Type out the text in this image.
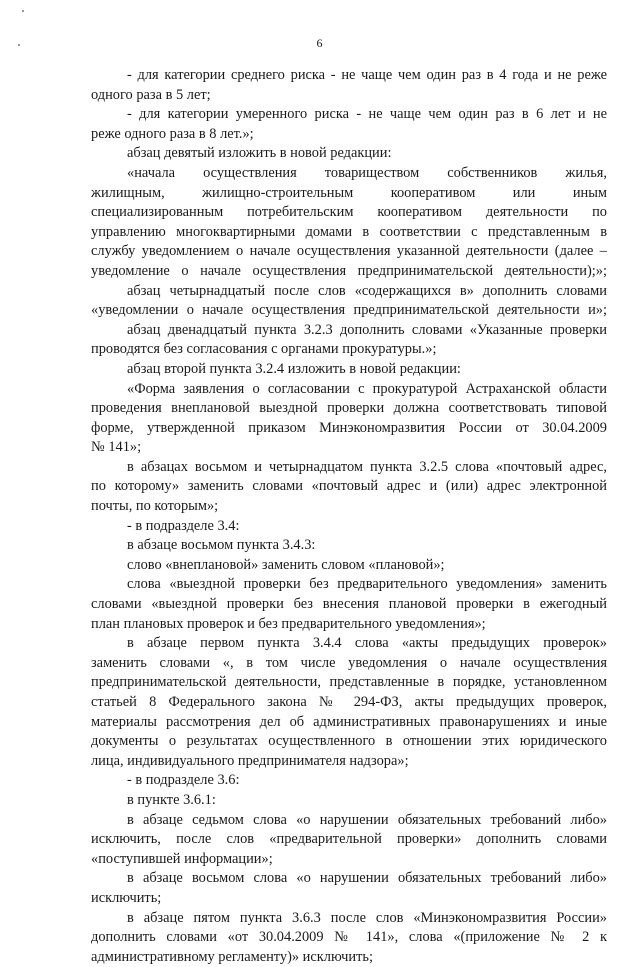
6
- для категории среднего риска - не чаще чем один раз в 4 года и не реже
одного раза в 5 лет;
- для категории умеренного риска - не чаще чем один раз в 6 лет и не
реже одного раза в 8 лет.»;
абзац девятый изложить в новой редакции:
«начала осуществления товариществом собственников жилья,
жилищным, жилищно-строительным кооперативом или иным
специализированным потребительским кооперативом деятельности по
управлению многоквартирными домами в соответствии с представленным в
службу уведомлением о начале осуществления указанной деятельности (далее –
уведомление о начале осуществления предпринимательской деятельности);»;
абзац четырнадцатый после слов «содержащихся в» дополнить словами
«уведомлении о начале осуществления предпринимательской деятельности и»;
абзац двенадцатый пункта 3.2.3 дополнить словами «Указанные проверки
проводятся без согласования с органами прокуратуры.»;
абзац второй пункта 3.2.4 изложить в новой редакции:
«Форма заявления о согласовании с прокуратурой Астраханской области
проведения внеплановой выездной проверки должна соответствовать типовой
форме, утвержденной приказом Минэкономразвития России от 30.04.2009
№ 141»;
в абзацах восьмом и четырнадцатом пункта 3.2.5 слова «почтовый адрес,
по которому» заменить словами «почтовый адрес и (или) адрес электронной
почты, по которым»;
- в подразделе 3.4:
в абзаце восьмом пункта 3.4.3:
слово «внеплановой» заменить словом «плановой»;
слова «выездной проверки без предварительного уведомления» заменить
словами «выездной проверки без внесения плановой проверки в ежегодный
план плановых проверок и без предварительного уведомления»;
в абзаце первом пункта 3.4.4 слова «акты предыдущих проверок»
заменить словами «, в том числе уведомления о начале осуществления
предпринимательской деятельности, представленные в порядке, установленном
статьей 8 Федерального закона № 294-ФЗ, акты предыдущих проверок,
материалы рассмотрения дел об административных правонарушениях и иные
документы о результатах осуществленного в отношении этих юридического
лица, индивидуального предпринимателя надзора»;
- в подразделе 3.6:
в пункте 3.6.1:
в абзаце седьмом слова «о нарушении обязательных требований либо»
исключить, после слов «предварительной проверки» дополнить словами
«поступившей информации»;
в абзаце восьмом слова «о нарушении обязательных требований либо»
исключить;
в абзаце пятом пункта 3.6.3 после слов «Минэкономразвития России»
дополнить словами «от 30.04.2009 № 141», слова «(приложение № 2 к
административному регламенту)» исключить;
